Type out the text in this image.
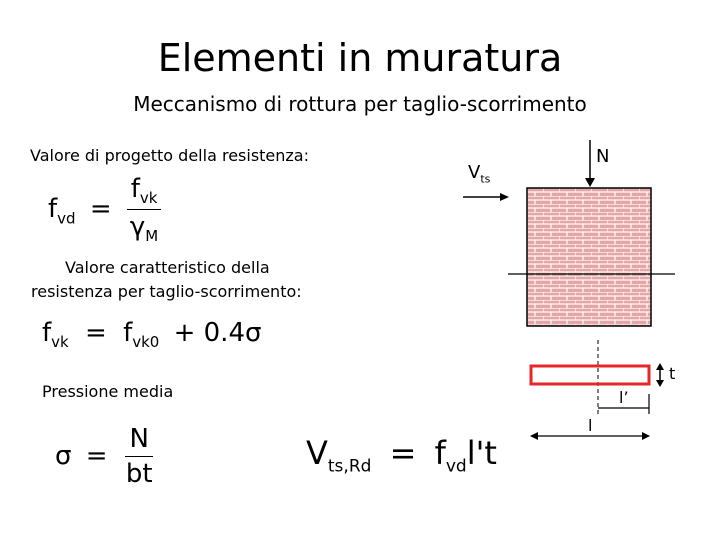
Elementi in muratura
Meccanismo di rottura per taglio-scorrimento
Valore di progetto della resistenza:
Valore caratteristico della
resistenza per taglio-scorrimento:
Pressione media
$f_{vd} = \frac{f_{vk}}{\gamma_M}$
$f_{vk} = f_{vk0} + 0.4\sigma$
$\sigma = \frac{N}{bt}$	$V_{ts,Rd} = f_{vd}l't$
N
$V_{ts}$
t
l’
l
